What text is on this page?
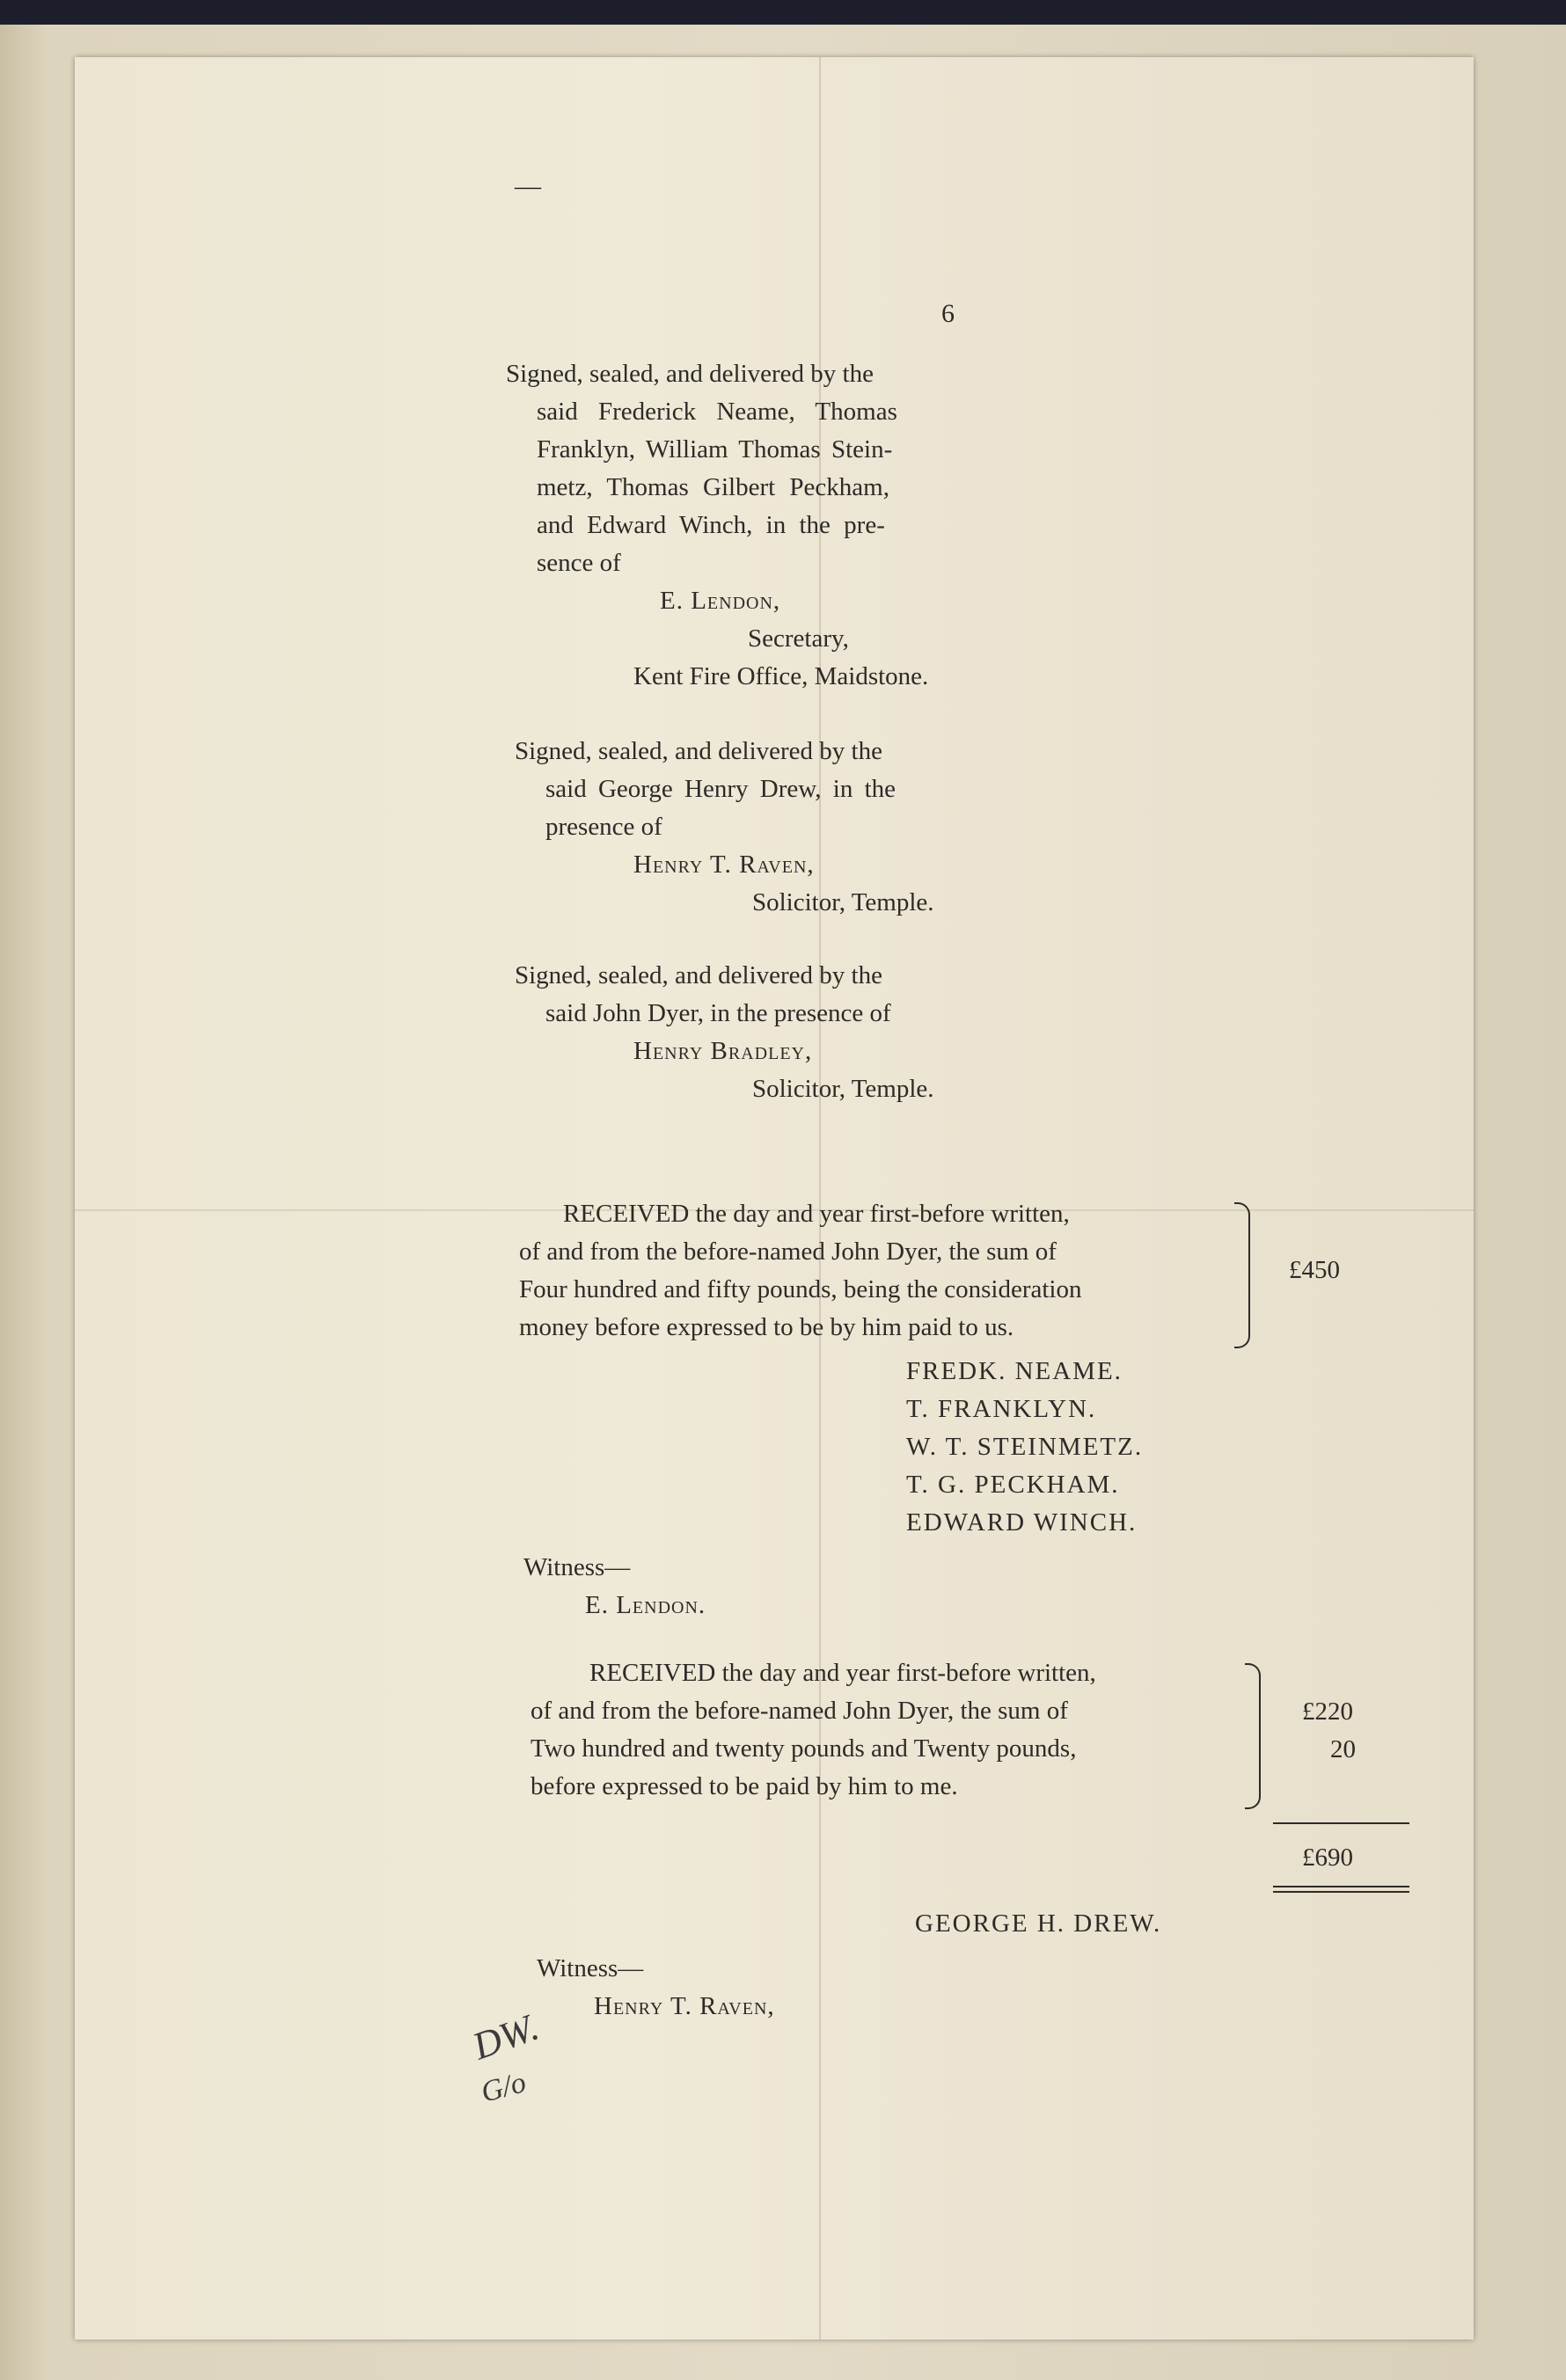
—
6
Signed, sealed, and delivered by the
said Frederick Neame, Thomas
Franklyn, William Thomas Stein-
metz, Thomas Gilbert Peckham,
and Edward Winch, in the pre-
sence of
E. Lendon,
Secretary,
Kent Fire Office, Maidstone.
Signed, sealed, and delivered by the
said George Henry Drew, in the
presence of
Henry T. Raven,
Solicitor, Temple.
Signed, sealed, and delivered by the
said John Dyer, in the presence of
Henry Bradley,
Solicitor, Temple.
RECEIVED the day and year first-before written,
of and from the before-named John Dyer, the sum of
Four hundred and fifty pounds, being the consideration
money before expressed to be by him paid to us.
£450
FREDK. NEAME.
T. FRANKLYN.
W. T. STEINMETZ.
T. G. PECKHAM.
EDWARD WINCH.
Witness—
E. Lendon.
RECEIVED the day and year first-before written,
of and from the before-named John Dyer, the sum of
Two hundred and twenty pounds and Twenty pounds,
before expressed to be paid by him to me.
£220
20
£690
GEORGE H. DREW.
Witness—
Henry T. Raven,
DW.
G/o
